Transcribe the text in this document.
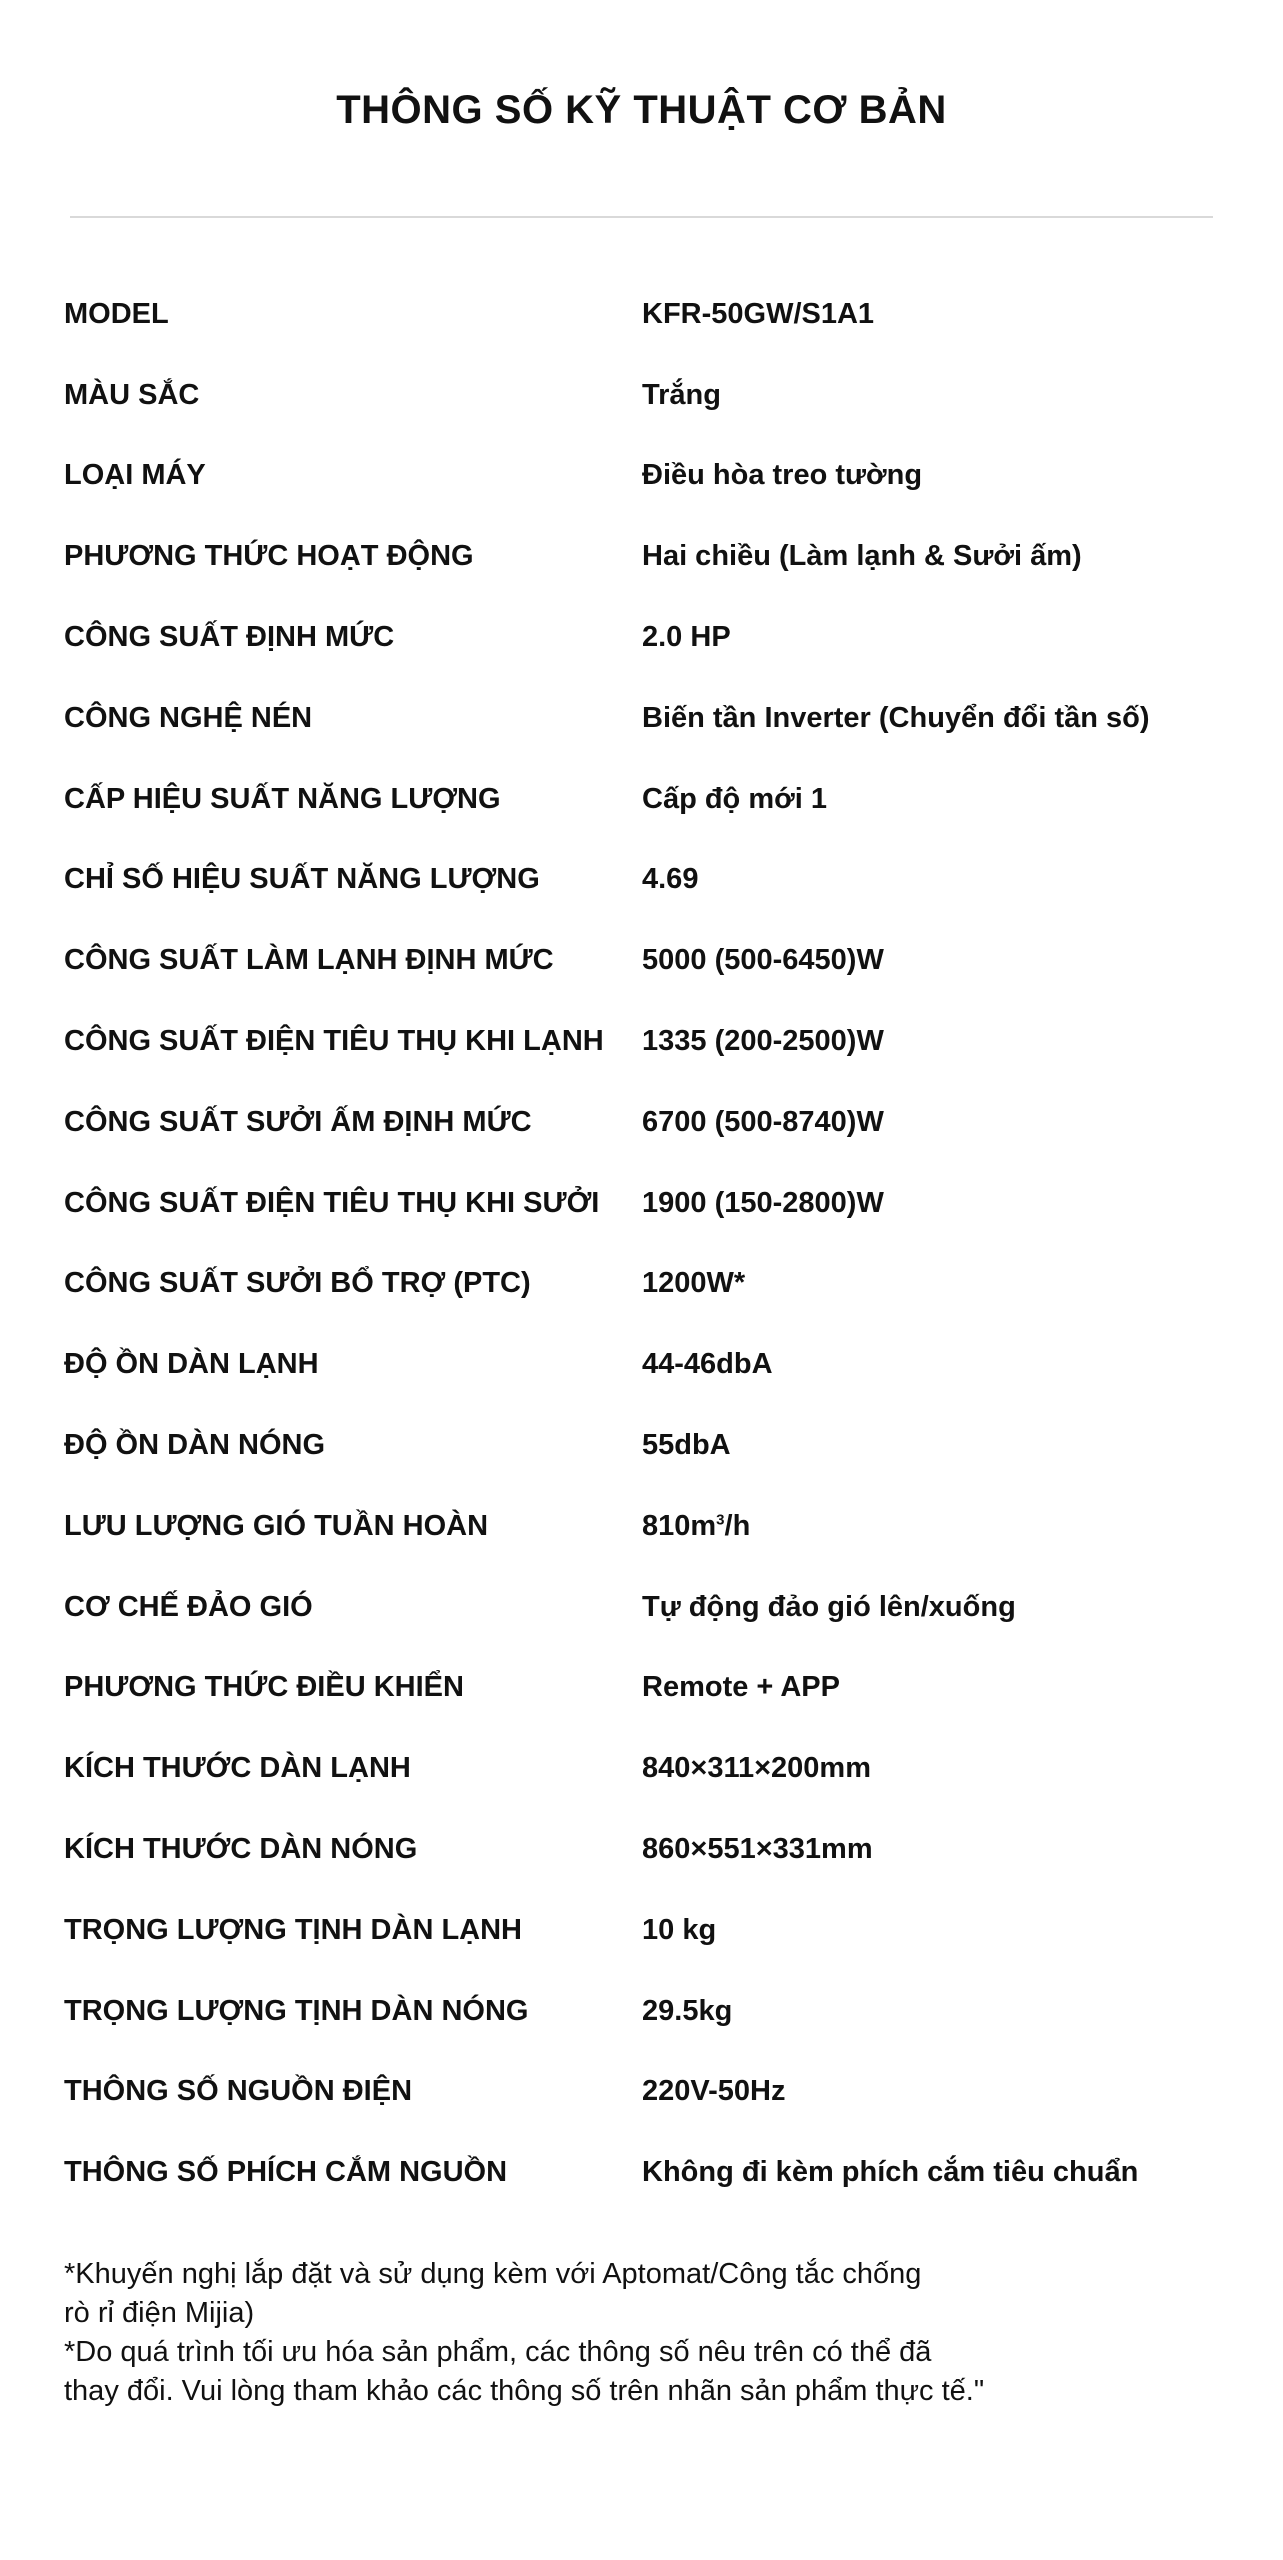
THÔNG SỐ KỸ THUẬT CƠ BẢN
MODEL	KFR-50GW/S1A1
MÀU SẮC	Trắng
LOẠI MÁY	Điều hòa treo tường
PHƯƠNG THỨC HOẠT ĐỘNG	Hai chiều (Làm lạnh & Sưởi ấm)
CÔNG SUẤT ĐỊNH MỨC	2.0 HP
CÔNG NGHỆ NÉN	Biến tần Inverter (Chuyển đổi tần số)
CẤP HIỆU SUẤT NĂNG LƯỢNG	Cấp độ mới 1
CHỈ SỐ HIỆU SUẤT NĂNG LƯỢNG	4.69
CÔNG SUẤT LÀM LẠNH ĐỊNH MỨC	5000 (500-6450)W
CÔNG SUẤT ĐIỆN TIÊU THỤ KHI LẠNH	1335 (200-2500)W
CÔNG SUẤT SƯỞI ẤM ĐỊNH MỨC	6700 (500-8740)W
CÔNG SUẤT ĐIỆN TIÊU THỤ KHI SƯỞI	1900 (150-2800)W
CÔNG SUẤT SƯỞI BỔ TRỢ (PTC)	1200W*
ĐỘ ỒN DÀN LẠNH	44-46dbA
ĐỘ ỒN DÀN NÓNG	55dbA
LƯU LƯỢNG GIÓ TUẦN HOÀN	$810m^3/h$
CƠ CHẾ ĐẢO GIÓ	Tự động đảo gió lên/xuống
PHƯƠNG THỨC ĐIỀU KHIỂN	Remote + APP
KÍCH THƯỚC DÀN LẠNH	840×311×200mm
KÍCH THƯỚC DÀN NÓNG	860×551×331mm
TRỌNG LƯỢNG TỊNH DÀN LẠNH	10 kg
TRỌNG LƯỢNG TỊNH DÀN NÓNG	29.5kg
THÔNG SỐ NGUỒN ĐIỆN	220V-50Hz
THÔNG SỐ PHÍCH CẮM NGUỒN	Không đi kèm phích cắm tiêu chuẩn

*Khuyến nghị lắp đặt và sử dụng kèm với Aptomat/Công tắc chống
rò rỉ điện Mijia)

*Do quá trình tối ưu hóa sản phẩm, các thông số nêu trên có thể đã
thay đổi. Vui lòng tham khảo các thông số trên nhãn sản phẩm thực tế."
